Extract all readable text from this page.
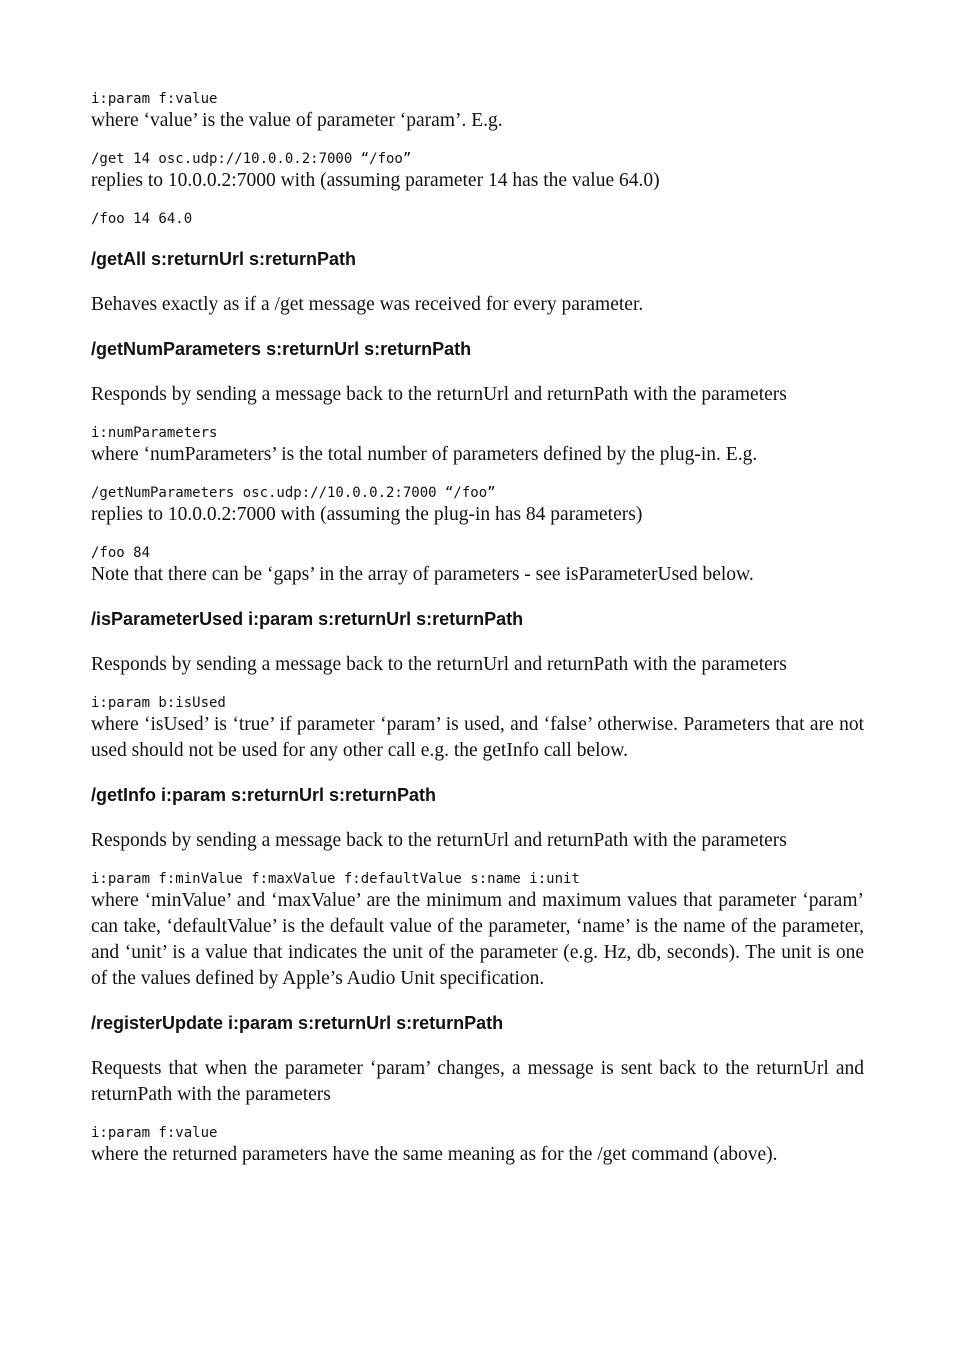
i:param f:value

where ‘value’ is the value of parameter ‘param’. E.g.

/get 14 osc.udp://10.0.0.2:7000 “/foo”

replies to 10.0.0.2:7000 with (assuming parameter 14 has the value 64.0)

/foo 14 64.0

/getAll s:returnUrl s:returnPath

Behaves exactly as if a /get message was received for every parameter.

/getNumParameters s:returnUrl s:returnPath

Responds by sending a message back to the returnUrl and returnPath with the parameters

i:numParameters

where ‘numParameters’ is the total number of parameters defined by the plug-in. E.g.

/getNumParameters osc.udp://10.0.0.2:7000 “/foo”

replies to 10.0.0.2:7000 with (assuming the plug-in has 84 parameters)

/foo 84

Note that there can be ‘gaps’ in the array of parameters - see isParameterUsed below.

/isParameterUsed i:param s:returnUrl s:returnPath

Responds by sending a message back to the returnUrl and returnPath with the parameters

i:param b:isUsed

where ‘isUsed’ is ‘true’ if parameter ‘param’ is used, and ‘false’ otherwise. Parameters that are not used should not be used for any other call e.g. the getInfo call below.

/getInfo i:param s:returnUrl s:returnPath

Responds by sending a message back to the returnUrl and returnPath with the parameters

i:param f:minValue f:maxValue f:defaultValue s:name i:unit

where ‘minValue’ and ‘maxValue’ are the minimum and maximum values that parameter ‘param’ can take, ‘defaultValue’ is the default value of the parameter, ‘name’ is the name of the parameter, and ‘unit’ is a value that indicates the unit of the parameter (e.g. Hz, db, seconds). The unit is one of the values defined by Apple’s Audio Unit specification.

/registerUpdate i:param s:returnUrl s:returnPath

Requests that when the parameter ‘param’ changes, a message is sent back to the returnUrl and returnPath with the parameters

i:param f:value

where the returned parameters have the same meaning as for the /get command (above).
